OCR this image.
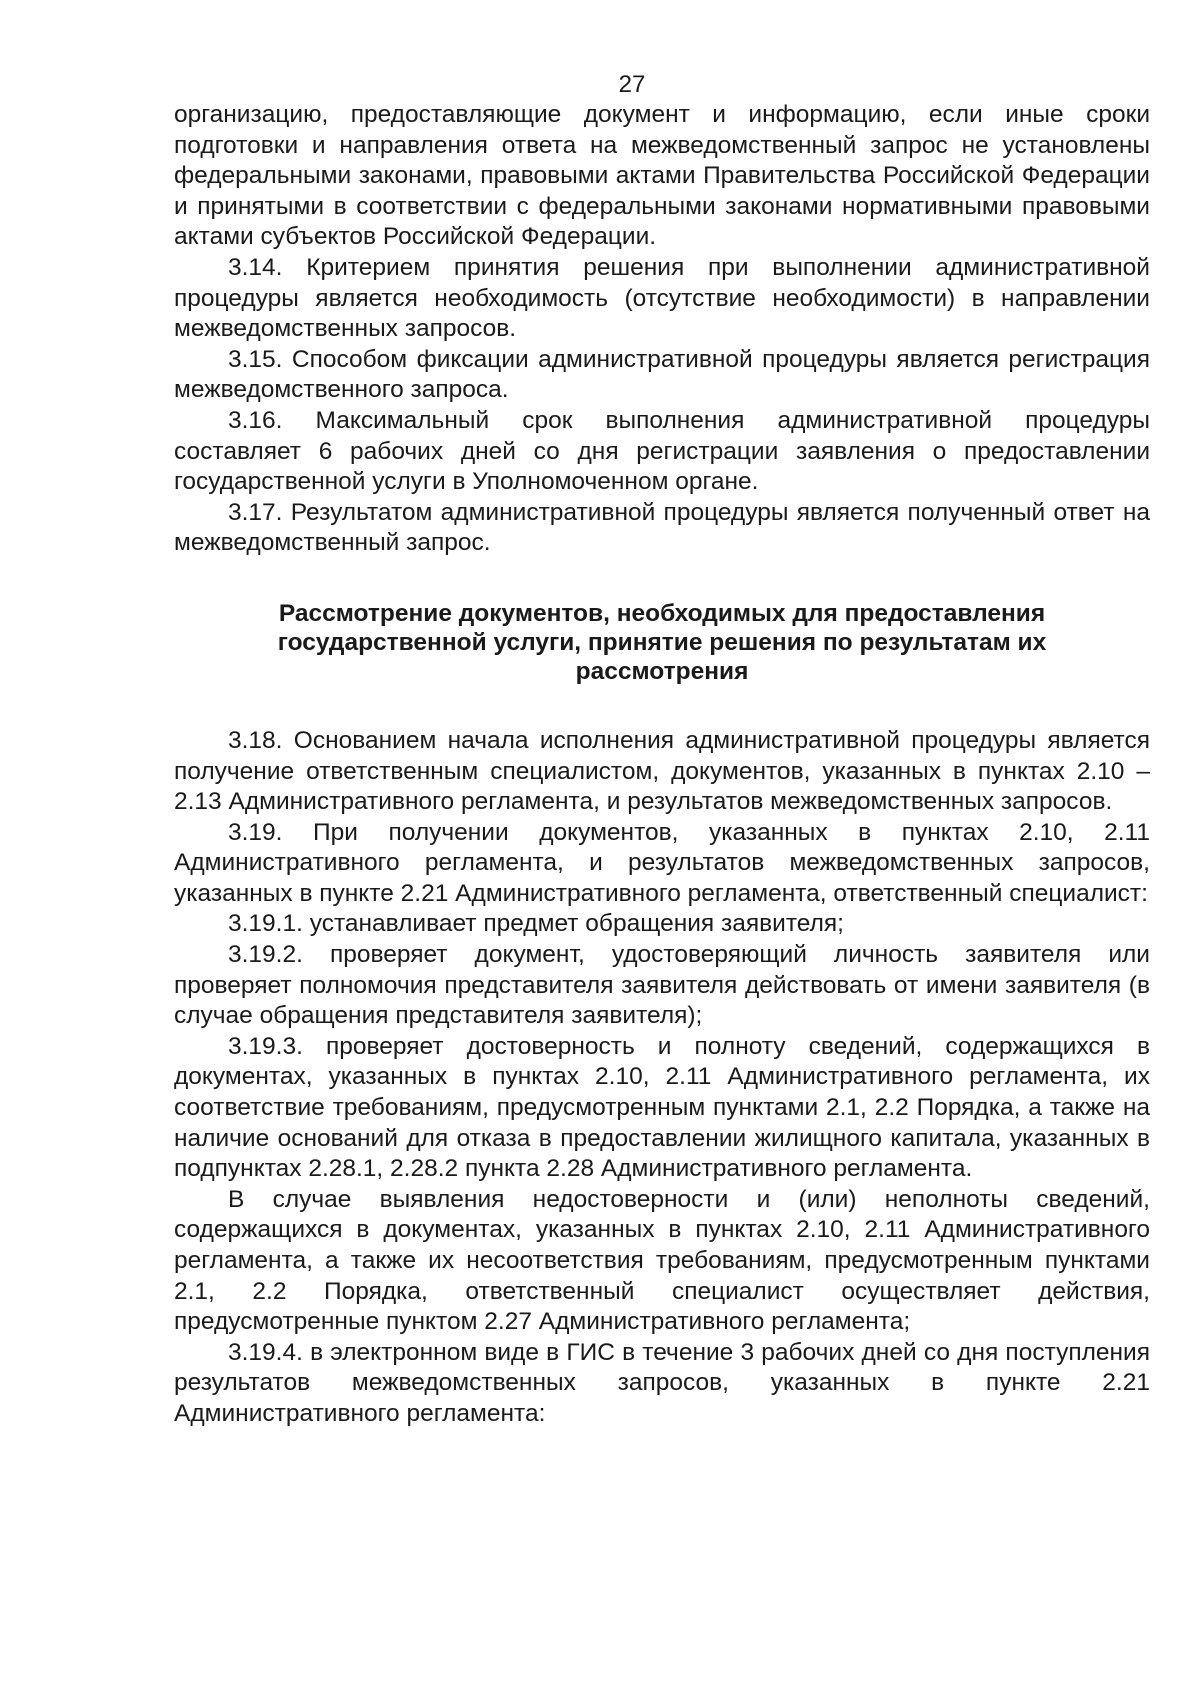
27

организацию, предоставляющие документ и информацию, если иные сроки подготовки и направления ответа на межведомственный запрос не установлены федеральными законами, правовыми актами Правительства Российской Федерации и принятыми в соответствии с федеральными законами нормативными правовыми актами субъектов Российской Федерации.

3.14. Критерием принятия решения при выполнении административной процедуры является необходимость (отсутствие необходимости) в направлении межведомственных запросов.

3.15. Способом фиксации административной процедуры является регистрация межведомственного запроса.

3.16. Максимальный срок выполнения административной процедуры составляет 6 рабочих дней со дня регистрации заявления о предоставлении государственной услуги в Уполномоченном органе.

3.17. Результатом административной процедуры является полученный ответ на межведомственный запрос.

Рассмотрение документов, необходимых для предоставления
государственной услуги, принятие решения по результатам их
рассмотрения

3.18. Основанием начала исполнения административной процедуры является получение ответственным специалистом, документов, указанных в пунктах 2.10 – 2.13 Административного регламента, и результатов межведомственных запросов.

3.19. При получении документов, указанных в пунктах 2.10, 2.11 Административного регламента, и результатов межведомственных запросов, указанных в пункте 2.21 Административного регламента, ответственный специалист:

3.19.1. устанавливает предмет обращения заявителя;

3.19.2. проверяет документ, удостоверяющий личность заявителя или проверяет полномочия представителя заявителя действовать от имени заявителя (в случае обращения представителя заявителя);

3.19.3. проверяет достоверность и полноту сведений, содержащихся в документах, указанных в пунктах 2.10, 2.11 Административного регламента, их соответствие требованиям, предусмотренным пунктами 2.1, 2.2 Порядка, а также на наличие оснований для отказа в предоставлении жилищного капитала, указанных в подпунктах 2.28.1, 2.28.2 пункта 2.28 Административного регламента.

В случае выявления недостоверности и (или) неполноты сведений, содержащихся в документах, указанных в пунктах 2.10, 2.11 Административного регламента, а также их несоответствия требованиям, предусмотренным пунктами 2.1, 2.2 Порядка, ответственный специалист осуществляет действия, предусмотренные пунктом 2.27 Административного регламента;

3.19.4. в электронном виде в ГИС в течение 3 рабочих дней со дня поступления результатов межведомственных запросов, указанных в пункте 2.21 Административного регламента:
